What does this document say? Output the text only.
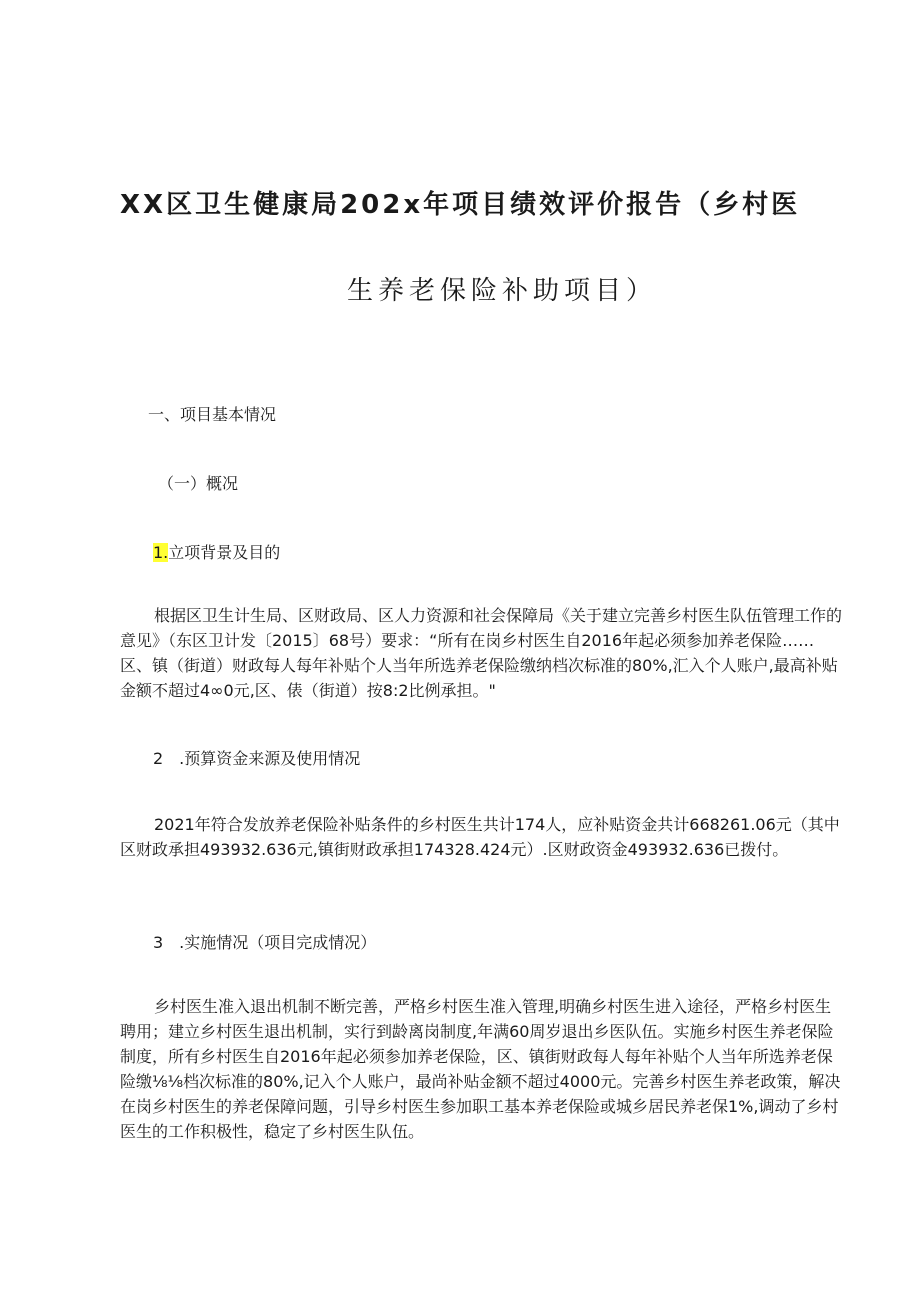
XX区卫生健康局202x年项目绩效评价报告（乡村医
生养老保险补助项目）
一、项目基本情况
（一）概况
1.立项背景及目的
根据区卫生计生局、区财政局、区人力资源和社会保障局《关于建立完善乡村医生队伍管理工作的意见》（东区卫计发〔2015〕68号）要求：“所有在岗乡村医生自2016年起必须参加养老保险……区、镇（街道）财政每人每年补贴个人当年所选养老保险缴纳档次标准的80%,汇入个人账户,最高补贴金额不超过4∞0元,区、俵（街道）按8:2比例承担。"
2　.预算资金来源及使用情况
2021年符合发放养老保险补贴条件的乡村医生共计174人，应补贴资金共计668261.06元（其中区财政承担493932.636元,镇街财政承担174328.424元）.区财政资金493932.636已拨付。
3　.实施情况（项目完成情况）
乡村医生准入退出机制不断完善，严格乡村医生准入管理,明确乡村医生进入途径，严格乡村医生聘用；建立乡村医生退出机制，实行到龄离岗制度,年满60周岁退出乡医队伍。实施乡村医生养老保险制度，所有乡村医生自2016年起必须参加养老保险，区、镇街财政每人每年补贴个人当年所选养老保险缴⅛⅛档次标准的80%,记入个人账户，最尚补贴金额不超过4000元。完善乡村医生养老政策，解决在岗乡村医生的养老保障问题，引导乡村医生参加职工基本养老保险或城乡居民养老保1%,调动了乡村医生的工作积极性，稳定了乡村医生队伍。
